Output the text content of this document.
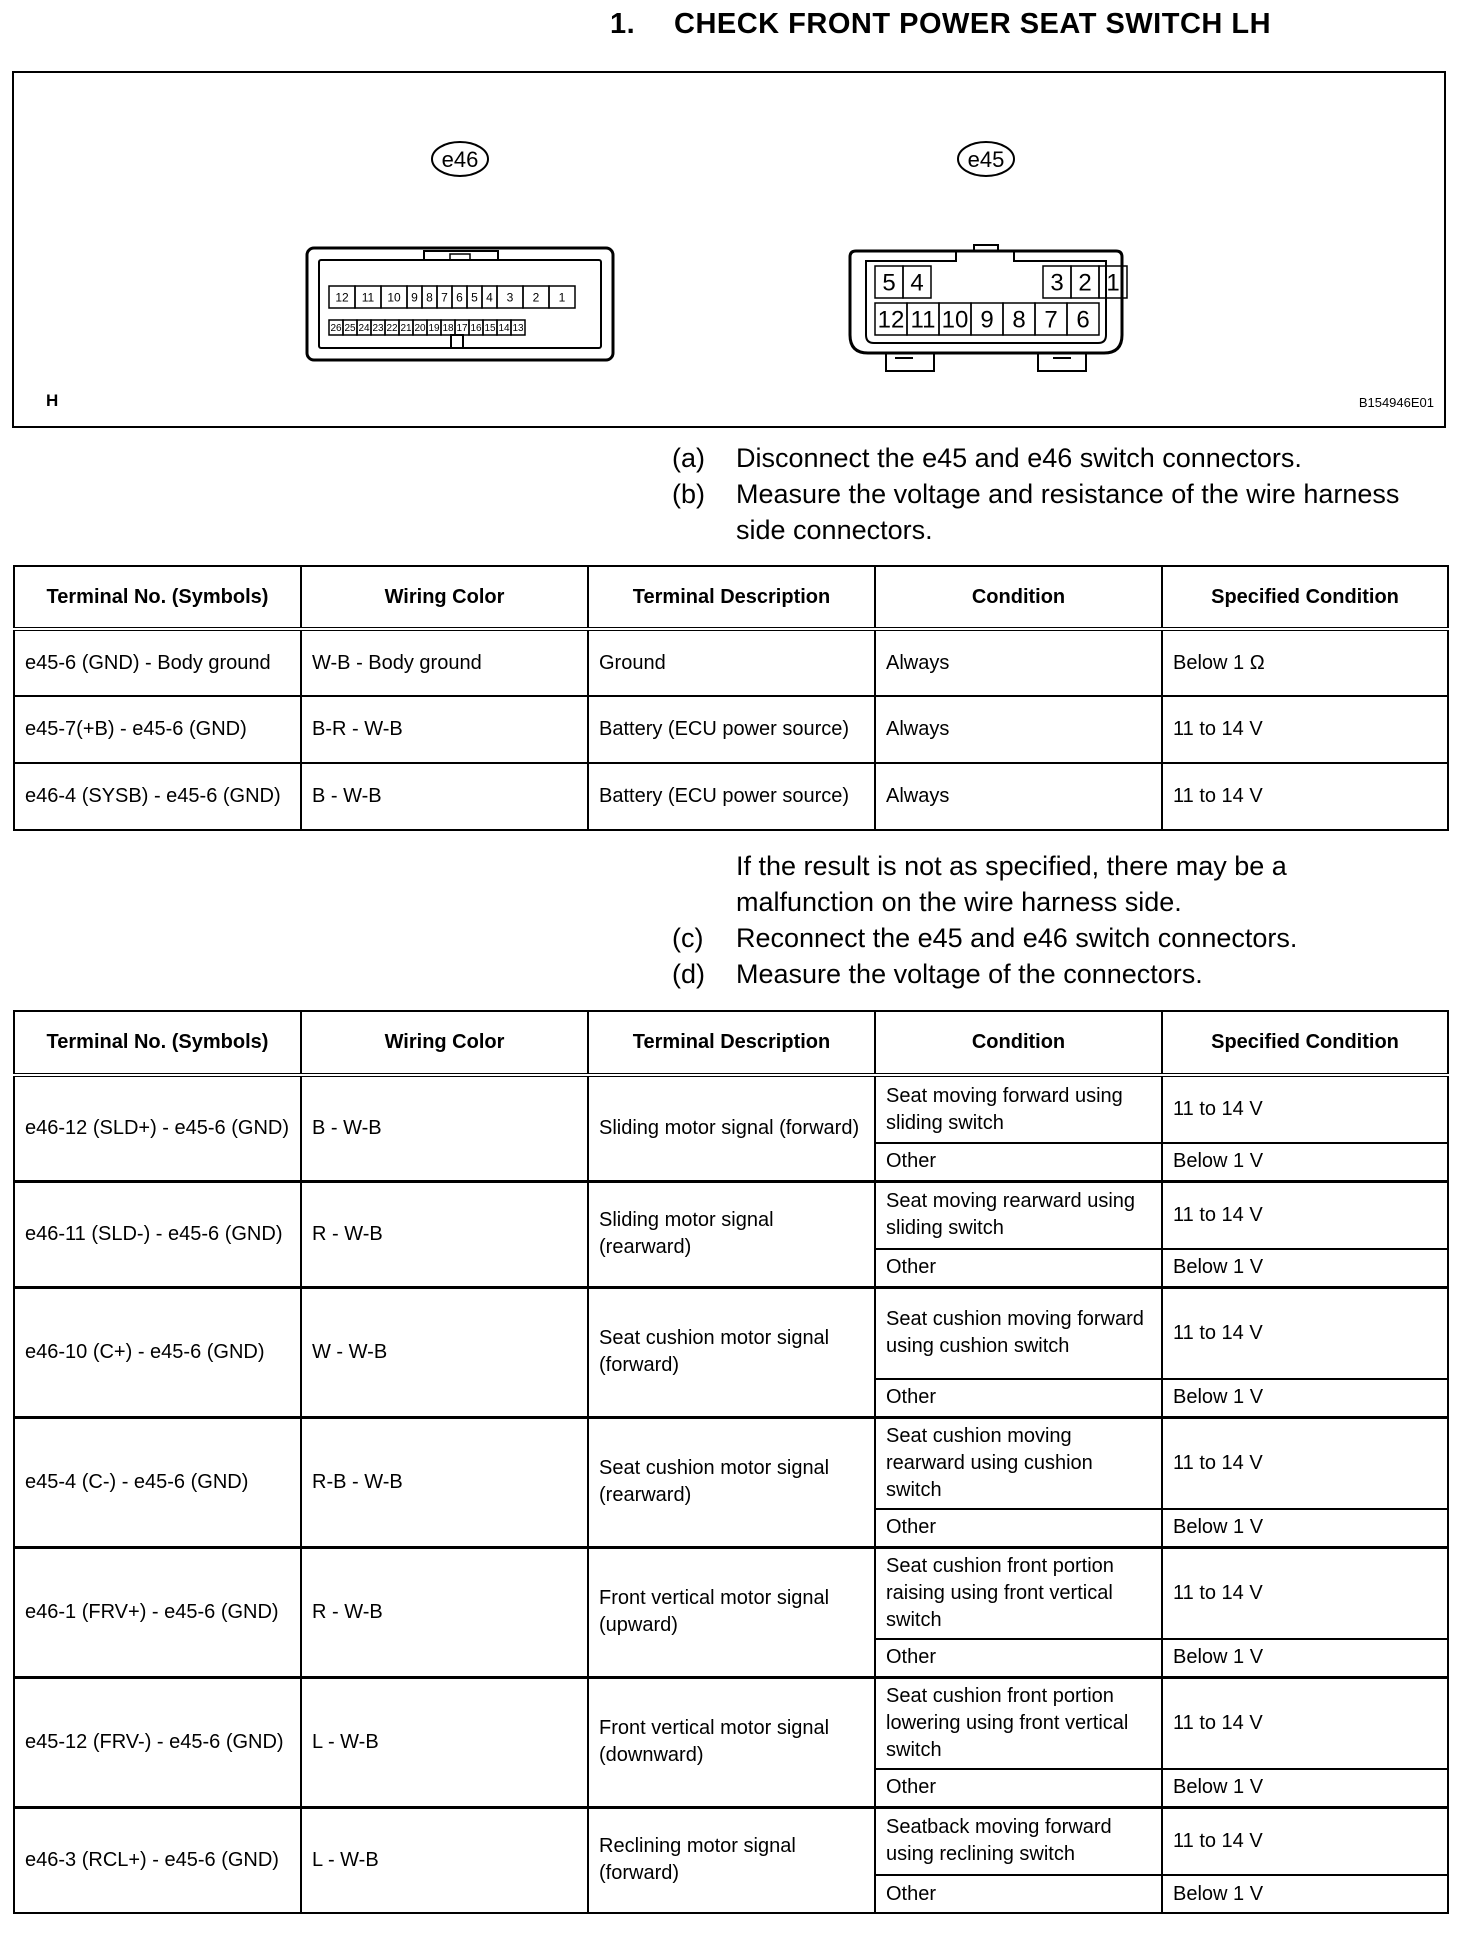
1. CHECK FRONT POWER SEAT SWITCH LH
e46	e45
12 11 10 9 8 7 6 5 4 3 2 1
26 25 24 23 22 21 20 19 18 17 16 15 14 13
5 4	3 2 1
12 11 10 9 8 7 6
H	B154946E01
(a)	Disconnect the e45 and e46 switch connectors.
(b)	Measure the voltage and resistance of the wire harness side connectors.
Terminal No. (Symbols)	Wiring Color	Terminal Description	Condition	Specified Condition
e45-6 (GND) - Body ground	W-B - Body ground	Ground	Always	Below 1 Ω
e45-7(+B) - e45-6 (GND)	B-R - W-B	Battery (ECU power source)	Always	11 to 14 V
e46-4 (SYSB) - e45-6 (GND)	B - W-B	Battery (ECU power source)	Always	11 to 14 V
If the result is not as specified, there may be a malfunction on the wire harness side.
(c)	Reconnect the e45 and e46 switch connectors.
(d)	Measure the voltage of the connectors.
Terminal No. (Symbols)	Wiring Color	Terminal Description	Condition	Specified Condition
e46-12 (SLD+) - e45-6 (GND)	B - W-B	Sliding motor signal (forward)	Seat moving forward using sliding switch	11 to 14 V
			Other	Below 1 V
e46-11 (SLD-) - e45-6 (GND)	R - W-B	Sliding motor signal (rearward)	Seat moving rearward using sliding switch	11 to 14 V
			Other	Below 1 V
e46-10 (C+) - e45-6 (GND)	W - W-B	Seat cushion motor signal (forward)	Seat cushion moving forward using cushion switch	11 to 14 V
			Other	Below 1 V
e45-4 (C-) - e45-6 (GND)	R-B - W-B	Seat cushion motor signal (rearward)	Seat cushion moving rearward using cushion switch	11 to 14 V
			Other	Below 1 V
e46-1 (FRV+) - e45-6 (GND)	R - W-B	Front vertical motor signal (upward)	Seat cushion front portion raising using front vertical switch	11 to 14 V
			Other	Below 1 V
e45-12 (FRV-) - e45-6 (GND)	L - W-B	Front vertical motor signal (downward)	Seat cushion front portion lowering using front vertical switch	11 to 14 V
			Other	Below 1 V
e46-3 (RCL+) - e45-6 (GND)	L - W-B	Reclining motor signal (forward)	Seatback moving forward using reclining switch	11 to 14 V
			Other	Below 1 V
